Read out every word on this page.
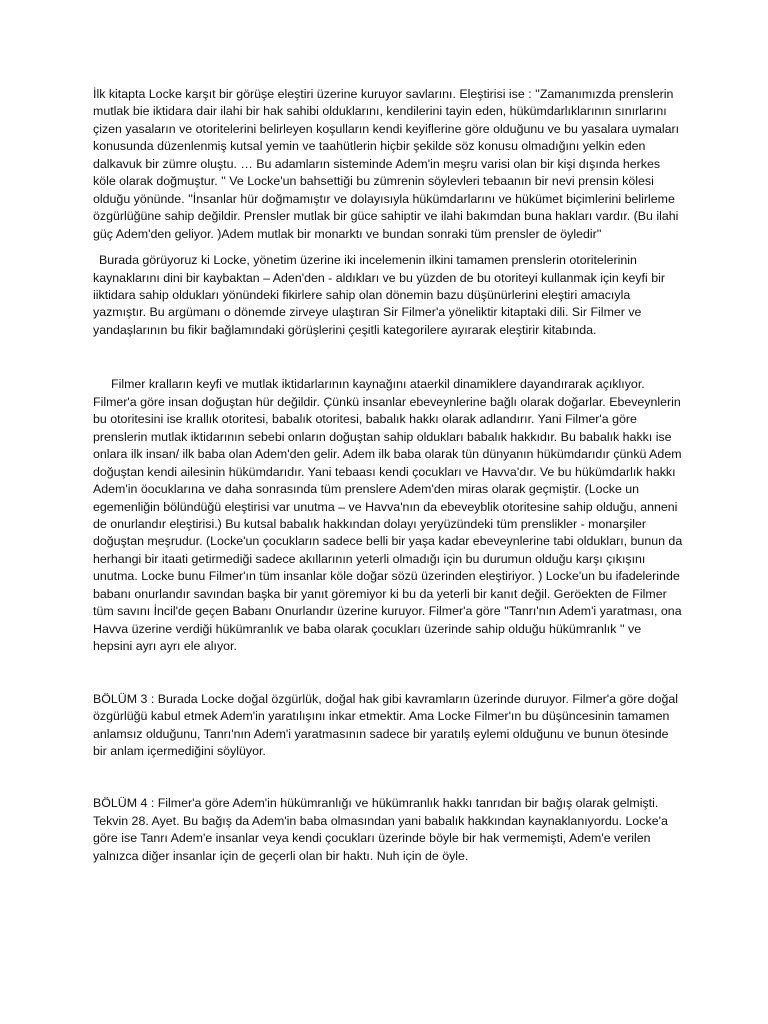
İlk kitapta Locke karşıt bir görüşe eleştiri üzerine kuruyor savlarını. Eleştirisi ise : ''Zamanımızda prenslerin mutlak bie iktidara dair ilahi bir hak sahibi olduklarını, kendilerini tayin eden, hükümdarlıklarının sınırlarını çizen yasaların ve otoritelerini belirleyen koşulların kendi keyiflerine göre olduğunu ve bu yasalara uymaları konusunda düzenlenmiş kutsal yemin ve taahütlerin hiçbir şekilde söz konusu olmadığını yelkin eden dalkavuk bir zümre oluştu. … Bu adamların sisteminde Adem'in meşru varisi olan bir kişi dışında herkes köle olarak doğmuştur. '' Ve Locke'un bahsettiği bu zümrenin söylevleri tebaanın bir nevi prensin kölesi olduğu yönünde. ''İnsanlar hür doğmamıştır ve dolayısıyla hükümdarlarını ve hükümet biçimlerini belirleme özgürlüğüne sahip değildir. Prensler mutlak bir güce sahiptir ve ilahi bakımdan buna hakları vardır. (Bu ilahi güç Adem'den geliyor. )Adem mutlak bir monarktı ve bundan sonraki tüm prensler de öyledir''

Burada görüyoruz ki Locke, yönetim üzerine iki incelemenin ilkini tamamen prenslerin otoritelerinin kaynaklarını dini bir kaybaktan – Aden'den - aldıkları ve bu yüzden de bu otoriteyi kullanmak için keyfi bir iiktidara sahip oldukları yönündeki fikirlere sahip olan dönemin bazu düşünürlerini eleştiri amacıyla yazmıştır. Bu argümanı o dönemde zirveye ulaştıran Sir Filmer'a yöneliktir kitaptaki dili. Sir Filmer ve yandaşlarının bu fikir bağlamındaki görüşlerini çeşitli kategorilere ayırarak eleştirir kitabında.

Filmer kralların keyfi ve mutlak iktidarlarının kaynağını ataerkil dinamiklere dayandırarak açıklıyor. Filmer'a göre insan doğuştan hür değildir. Çünkü insanlar ebeveynlerine bağlı olarak doğarlar. Ebeveynlerin bu otoritesini ise krallık otoritesi, babalık otoritesi, babalık hakkı olarak adlandırır. Yani Filmer'a göre prenslerin mutlak iktidarının sebebi onların doğuştan sahip oldukları babalık hakkıdır. Bu babalık hakkı ise onlara ilk insan/ ilk baba olan Adem'den gelir. Adem ilk baba olarak tün dünyanın hükümdarıdır çünkü Adem doğuştan kendi ailesinin hükümdarıdır. Yani tebaası kendi çocukları ve Havva'dır. Ve bu hükümdarlık hakkı Adem'in öocuklarına ve daha sonrasında tüm prenslere Adem'den miras olarak geçmiştir. (Locke un egemenliğin bölündüğü eleştirisi var unutma – ve Havva'nın da ebeveyblik otoritesine sahip olduğu, anneni de onurlandır eleştirisi.) Bu kutsal babalık hakkından dolayı yeryüzündeki tüm prenslikler - monarşiler doğuştan meşrudur. (Locke'un çocukların sadece belli bir yaşa kadar ebeveynlerine tabi oldukları, bunun da herhangi bir itaati getirmediği sadece akıllarının yeterli olmadığı için bu durumun olduğu karşı çıkışını unutma. Locke bunu Filmer'ın tüm insanlar köle doğar sözü üzerinden eleştiriyor. ) Locke'un bu ifadelerinde babanı onurlandır savından başka bir yanıt göremiyor ki bu da yeterli bir kanıt değil. Geröekten de Filmer tüm savını İncil'de geçen Babanı Onurlandır üzerine kuruyor. Filmer'a göre ''Tanrı'nın Adem'i yaratması, ona Havva üzerine verdiği hükümranlık ve baba olarak çocukları üzerinde sahip olduğu hükümranlık '' ve hepsini ayrı ayrı ele alıyor.

BÖLÜM 3 : Burada Locke doğal özgürlük, doğal hak gibi kavramların üzerinde duruyor. Filmer'a göre doğal özgürlüğü kabul etmek Adem'in yaratılışını inkar etmektir. Ama Locke Filmer'ın bu düşüncesinin tamamen anlamsız olduğunu, Tanrı'nın Adem'i yaratmasının sadece bir yaratılş eylemi olduğunu ve bunun ötesinde bir anlam içermediğini söylüyor.

BÖLÜM 4 : Filmer'a göre Adem'in hükümranlığı ve hükümranlık hakkı tanrıdan bir bağış olarak gelmişti. Tekvin 28. Ayet. Bu bağış da Adem'in baba olmasından yani babalık hakkından kaynaklanıyordu. Locke'a göre ise Tanrı Adem'e insanlar veya kendi çocukları üzerinde böyle bir hak vermemişti, Adem'e verilen yalnızca diğer insanlar için de geçerli olan bir haktı. Nuh için de öyle.
